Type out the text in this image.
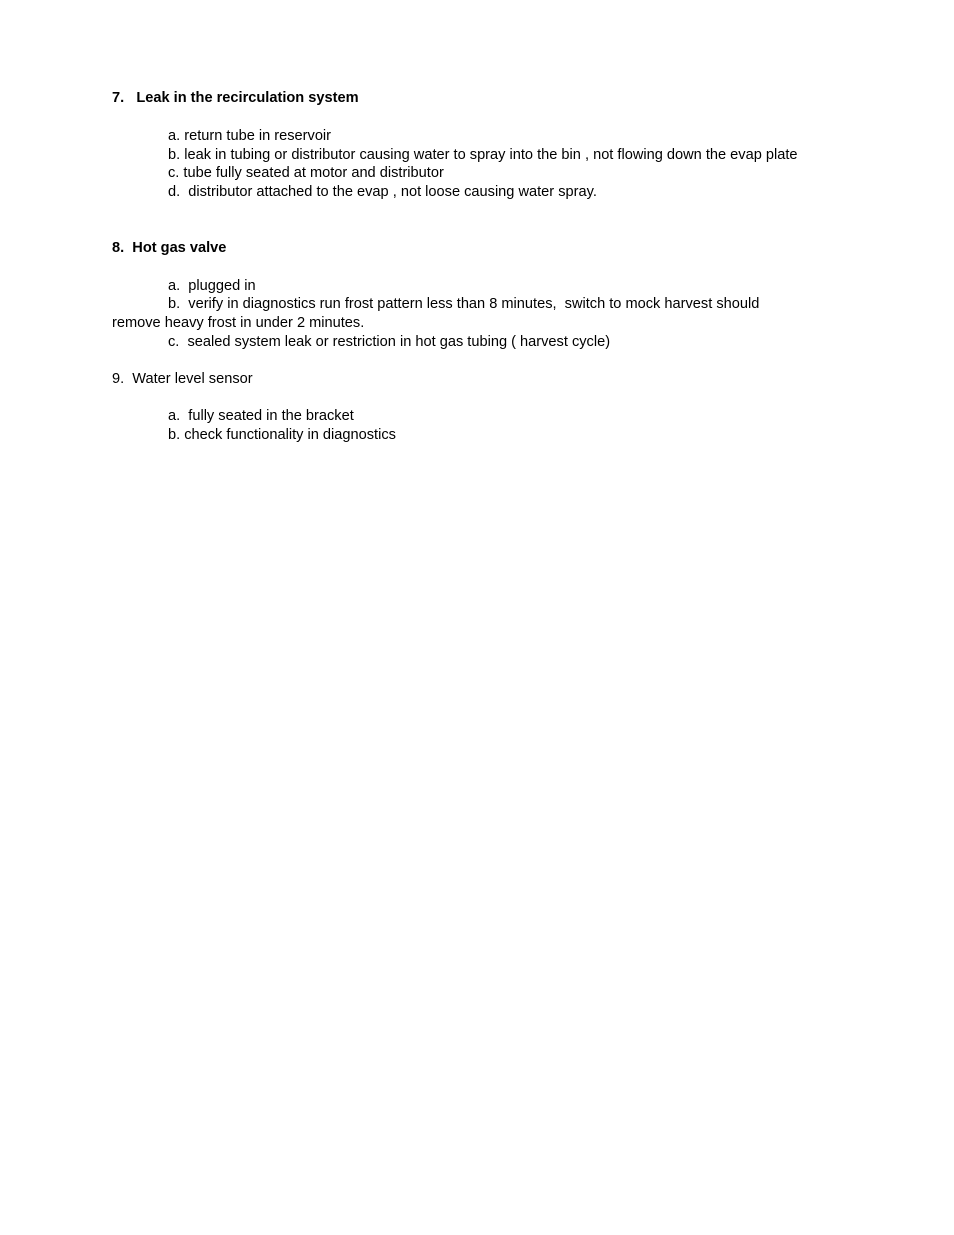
7.   Leak in the recirculation system
a. return tube in reservoir
b. leak in tubing or distributor causing water to spray into the bin , not flowing down the evap plate
c. tube fully seated at motor and distributor
d.  distributor attached to the evap , not loose causing water spray.
8.  Hot gas valve
a.  plugged in
b.  verify in diagnostics run frost pattern less than 8 minutes,  switch to mock harvest should
remove heavy frost in under 2 minutes.
c.  sealed system leak or restriction in hot gas tubing ( harvest cycle)
9.  Water level sensor
a.  fully seated in the bracket
b. check functionality in diagnostics
